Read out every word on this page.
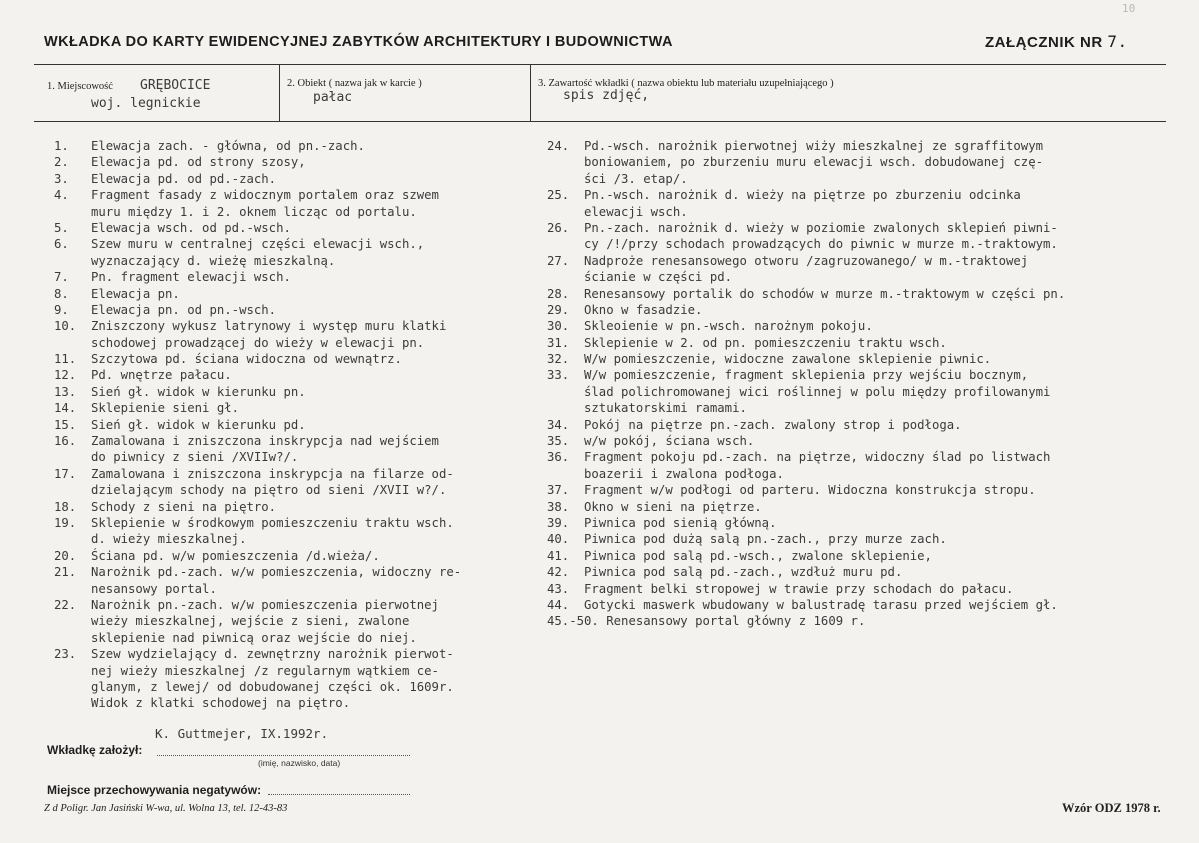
10
WKŁADKA DO KARTY EWIDENCYJNEJ ZABYTKÓW ARCHITEKTURY I BUDOWNICTWA	ZAŁĄCZNIK NR 7.
1. Miejscowość GRĘBOCICE
woj. legnickie
2. Obiekt ( nazwa jak w karcie )
pałac
3. Zawartość wkładki ( nazwa obiektu lub materiału uzupełniającego )
spis zdjęć,
1. Elewacja zach. - główna, od pn.-zach.
2. Elewacja pd. od strony szosy,
3. Elewacja pd. od pd.-zach.
4. Fragment fasady z widocznym portalem oraz szwem
muru między 1. i 2. oknem licząc od portalu.
5. Elewacja wsch. od pd.-wsch.
6. Szew muru w centralnej części elewacji wsch.,
wyznaczający d. wieżę mieszkalną.
7. Pn. fragment elewacji wsch.
8. Elewacja pn.
9. Elewacja pn. od pn.-wsch.
10. Zniszczony wykusz latrynowy i występ muru klatki
schodowej prowadzącej do wieży w elewacji pn.
11. Szczytowa pd. ściana widoczna od wewnątrz.
12. Pd. wnętrze pałacu.
13. Sień gł. widok w kierunku pn.
14. Sklepienie sieni gł.
15. Sień gł. widok w kierunku pd.
16. Zamalowana i zniszczona inskrypcja nad wejściem
do piwnicy z sieni /XVIIw?/.
17. Zamalowana i zniszczona inskrypcja na filarze od-
dzielającym schody na piętro od sieni /XVII w?/.
18. Schody z sieni na piętro.
19. Sklepienie w środkowym pomieszczeniu traktu wsch.
d. wieży mieszkalnej.
20. Ściana pd. w/w pomieszczenia /d.wieża/.
21. Narożnik pd.-zach. w/w pomieszczenia, widoczny re-
nesansowy portal.
22. Narożnik pn.-zach. w/w pomieszczenia pierwotnej
wieży mieszkalnej, wejście z sieni, zwalone
sklepienie nad piwnicą oraz wejście do niej.
23. Szew wydzielający d. zewnętrzny narożnik pierwot-
nej wieży mieszkalnej /z regularnym wątkiem ce-
glanym, z lewej/ od dobudowanej części ok. 1609r.
Widok z klatki schodowej na piętro.
24. Pd.-wsch. narożnik pierwotnej wiży mieszkalnej ze sgraffitowym
boniowaniem, po zburzeniu muru elewacji wsch. dobudowanej czę-
ści /3. etap/.
25. Pn.-wsch. narożnik d. wieży na piętrze po zburzeniu odcinka
elewacji wsch.
26. Pn.-zach. narożnik d. wieży w poziomie zwalonych sklepień piwni-
cy /!/przy schodach prowadzących do piwnic w murze m.-traktowym.
27. Nadproże renesansowego otworu /zagruzowanego/ w m.-traktowej
ścianie w części pd.
28. Renesansowy portalik do schodów w murze m.-traktowym w części pn.
29. Okno w fasadzie.
30. Skleoienie w pn.-wsch. narożnym pokoju.
31. Sklepienie w 2. od pn. pomieszczeniu traktu wsch.
32. W/w pomieszczenie, widoczne zawalone sklepienie piwnic.
33. W/w pomieszczenie, fragment sklepienia przy wejściu bocznym,
ślad polichromowanej wici roślinnej w polu między profilowanymi
sztukatorskimi ramami.
34. Pokój na piętrze pn.-zach. zwalony strop i podłoga.
35. w/w pokój, ściana wsch.
36. Fragment pokoju pd.-zach. na piętrze, widoczny ślad po listwach
boazerii i zwalona podłoga.
37. Fragment w/w podłogi od parteru. Widoczna konstrukcja stropu.
38. Okno w sieni na piętrze.
39. Piwnica pod sienią główną.
40. Piwnica pod dużą salą pn.-zach., przy murze zach.
41. Piwnica pod salą pd.-wsch., zwalone sklepienie,
42. Piwnica pod salą pd.-zach., wzdłuż muru pd.
43. Fragment belki stropowej w trawie przy schodach do pałacu.
44. Gotycki maswerk wbudowany w balustradę tarasu przed wejściem gł.
45.-50. Renesansowy portal główny z 1609 r.
K. Guttmejer, IX.1992r.
Wkładkę założył:
(imię, nazwisko, data)
Miejsce przechowywania negatywów:
Z d Poligr. Jan Jasiński W-wa, ul. Wolna 13, tel. 12-43-83	Wzór ODZ 1978 r.
